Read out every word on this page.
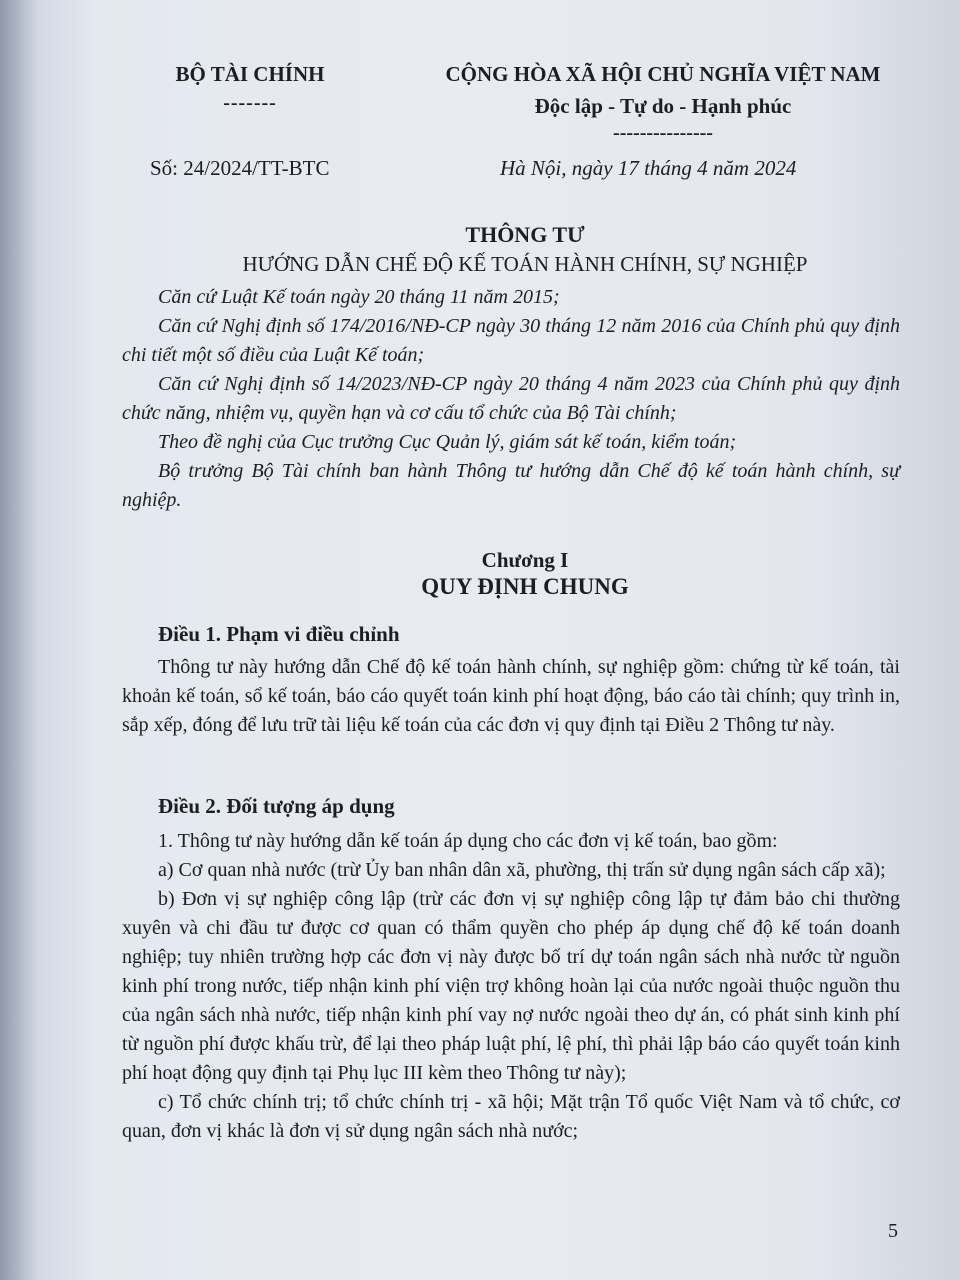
BỘ TÀI CHÍNH
-------
CỘNG HÒA XÃ HỘI CHỦ NGHĨA VIỆT NAM
Độc lập - Tự do - Hạnh phúc
---------------
Số: 24/2024/TT-BTC	Hà Nội, ngày 17 tháng 4 năm 2024
THÔNG TƯ
HƯỚNG DẪN CHẾ ĐỘ KẾ TOÁN HÀNH CHÍNH, SỰ NGHIỆP

Căn cứ Luật Kế toán ngày 20 tháng 11 năm 2015;

Căn cứ Nghị định số 174/2016/NĐ-CP ngày 30 tháng 12 năm 2016 của Chính phủ quy định chi tiết một số điều của Luật Kế toán;

Căn cứ Nghị định số 14/2023/NĐ-CP ngày 20 tháng 4 năm 2023 của Chính phủ quy định chức năng, nhiệm vụ, quyền hạn và cơ cấu tổ chức của Bộ Tài chính;

Theo đề nghị của Cục trưởng Cục Quản lý, giám sát kế toán, kiểm toán;

Bộ trưởng Bộ Tài chính ban hành Thông tư hướng dẫn Chế độ kế toán hành chính, sự nghiệp.

Chương I
QUY ĐỊNH CHUNG
Điều 1. Phạm vi điều chỉnh

Thông tư này hướng dẫn Chế độ kế toán hành chính, sự nghiệp gồm: chứng từ kế toán, tài khoản kế toán, sổ kế toán, báo cáo quyết toán kinh phí hoạt động, báo cáo tài chính; quy trình in, sắp xếp, đóng để lưu trữ tài liệu kế toán của các đơn vị quy định tại Điều 2 Thông tư này.

Điều 2. Đối tượng áp dụng

1. Thông tư này hướng dẫn kế toán áp dụng cho các đơn vị kế toán, bao gồm:

a) Cơ quan nhà nước (trừ Ủy ban nhân dân xã, phường, thị trấn sử dụng ngân sách cấp xã);

b) Đơn vị sự nghiệp công lập (trừ các đơn vị sự nghiệp công lập tự đảm bảo chi thường xuyên và chi đầu tư được cơ quan có thẩm quyền cho phép áp dụng chế độ kế toán doanh nghiệp; tuy nhiên trường hợp các đơn vị này được bố trí dự toán ngân sách nhà nước từ nguồn kinh phí trong nước, tiếp nhận kinh phí viện trợ không hoàn lại của nước ngoài thuộc nguồn thu của ngân sách nhà nước, tiếp nhận kinh phí vay nợ nước ngoài theo dự án, có phát sinh kinh phí từ nguồn phí được khấu trừ, để lại theo pháp luật phí, lệ phí, thì phải lập báo cáo quyết toán kinh phí hoạt động quy định tại Phụ lục III kèm theo Thông tư này);

c) Tổ chức chính trị; tổ chức chính trị - xã hội; Mặt trận Tổ quốc Việt Nam và tổ chức, cơ quan, đơn vị khác là đơn vị sử dụng ngân sách nhà nước;

5
